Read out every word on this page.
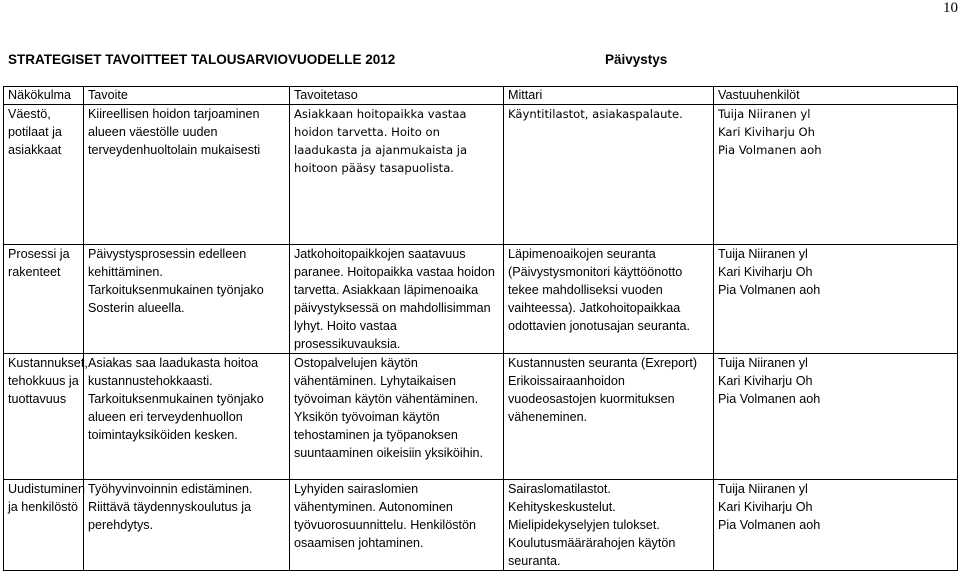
10
STRATEGISET TAVOITTEET TALOUSARVIOVUODELLE 2012	Päivystys
Näkökulma	Tavoite	Tavoitetaso	Mittari	Vastuuhenkilöt
Väestö, potilaat ja asiakkaat	Kiireellisen hoidon tarjoaminen alueen väestölle uuden terveydenhuoltolain mukaisesti	Asiakkaan hoitopaikka vastaa hoidon tarvetta. Hoito on laadukasta ja ajanmukaista ja hoitoon pääsy tasapuolista.	Käyntitilastot, asiakaspalaute.	Tuija Niiranen yl
Kari Kiviharju Oh
Pia Volmanen aoh

Prosessi ja rakenteet	Päivystysprosessin edelleen kehittäminen. Tarkoituksenmukainen työnjako Sosterin alueella.	Jatkohoitopaikkojen saatavuus paranee. Hoitopaikka vastaa hoidon tarvetta. Asiakkaan läpimenoaika päivystyksessä on mahdollisimman lyhyt. Hoito vastaa prosessikuvauksia.	Läpimenoaikojen seuranta (Päivystysmonitori käyttöönotto tekee mahdolliseksi vuoden vaihteessa). Jatkohoitopaikkaa odottavien jonotusajan seuranta.	Tuija Niiranen yl
Kari Kiviharju Oh
Pia Volmanen aoh

Kustannukset, tehokkuus ja tuottavuus	Asiakas saa laadukasta hoitoa kustannustehokkaasti. Tarkoituksenmukainen työnjako alueen eri terveydenhuollon toimintayksiköiden kesken.	Ostopalvelujen käytön vähentäminen. Lyhytaikaisen työvoiman käytön vähentäminen. Yksikön työvoiman käytön tehostaminen ja työpanoksen suuntaaminen oikeisiin yksiköihin.	Kustannusten seuranta (Exreport) Erikoissairaanhoidon vuodeosastojen kuormituksen väheneminen.	Tuija Niiranen yl
Kari Kiviharju Oh
Pia Volmanen aoh

Uudistuminen ja henkilöstö	Työhyvinvoinnin edistäminen. Riittävä täydennyskoulutus ja perehdytys.	Lyhyiden sairaslomien vähentyminen. Autonominen työvuorosuunnittelu. Henkilöstön osaamisen johtaminen.	Sairaslomatilastot. Kehityskeskustelut. Mielipidekyselyjen tulokset. Koulutusmäärärahojen käytön seuranta.	Tuija Niiranen yl
Kari Kiviharju Oh
Pia Volmanen aoh
